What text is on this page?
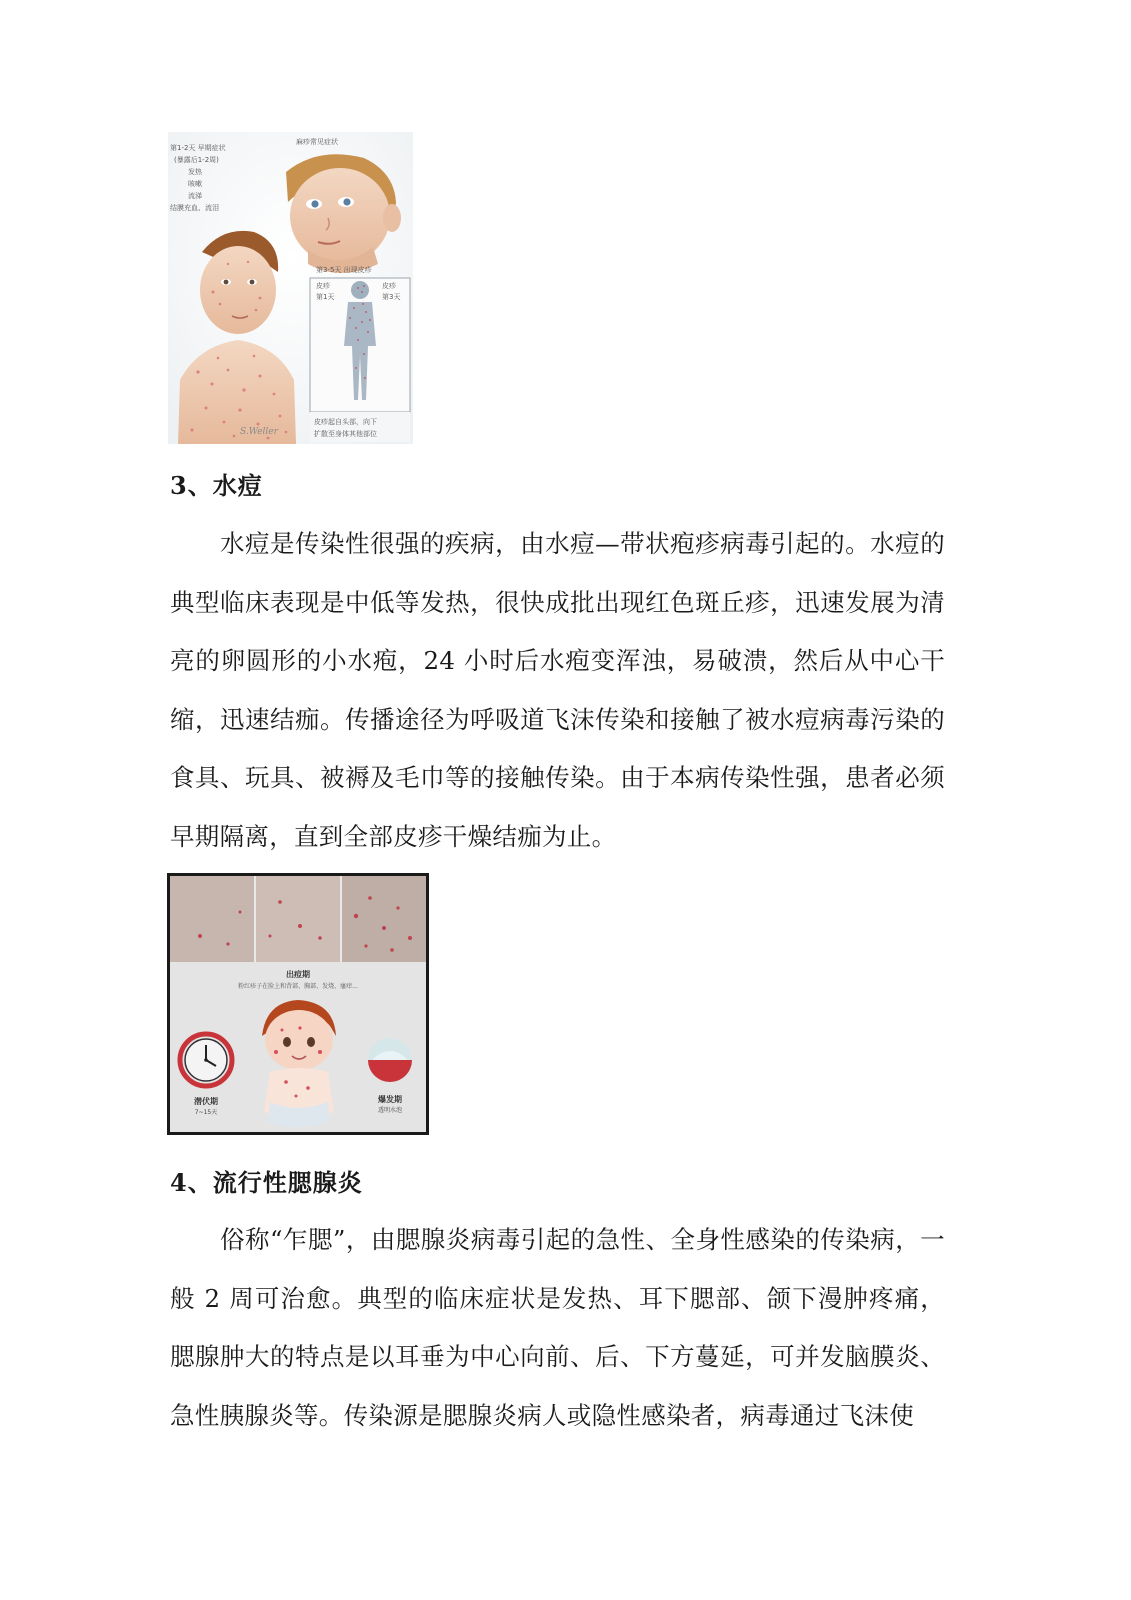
第1-2天 早期症状
(暴露后1-2周)
发热
咳嗽
流涕
结膜充血、流泪
麻疹常见症状
S.Weller
第3-5天 出现皮疹
皮疹
第1天
皮疹
第3天
皮疹起自头部，向下
扩散至身体其他部位
3、水痘
水痘是传染性很强的疾病，由水痘—带状疱疹病毒引起的。水痘的典型临床表现是中低等发热，很快成批出现红色斑丘疹，迅速发展为清亮的卵圆形的小水疱，24 小时后水疱变浑浊，易破溃，然后从中心干缩，迅速结痂。传播途径为呼吸道飞沫传染和接触了被水痘病毒污染的食具、玩具、被褥及毛巾等的接触传染。由于本病传染性强，患者必须早期隔离，直到全部皮疹干燥结痂为止。
出痘期
粉红疹子在脸上和背部、胸部、发烧、瘙痒...
潜伏期
7~15天
爆发期
透明水泡
4、流行性腮腺炎
俗称“乍腮”，由腮腺炎病毒引起的急性、全身性感染的传染病，一般 2 周可治愈。典型的临床症状是发热、耳下腮部、颌下漫肿疼痛，腮腺肿大的特点是以耳垂为中心向前、后、下方蔓延，可并发脑膜炎、急性胰腺炎等。传染源是腮腺炎病人或隐性感染者，病毒通过飞沫使
